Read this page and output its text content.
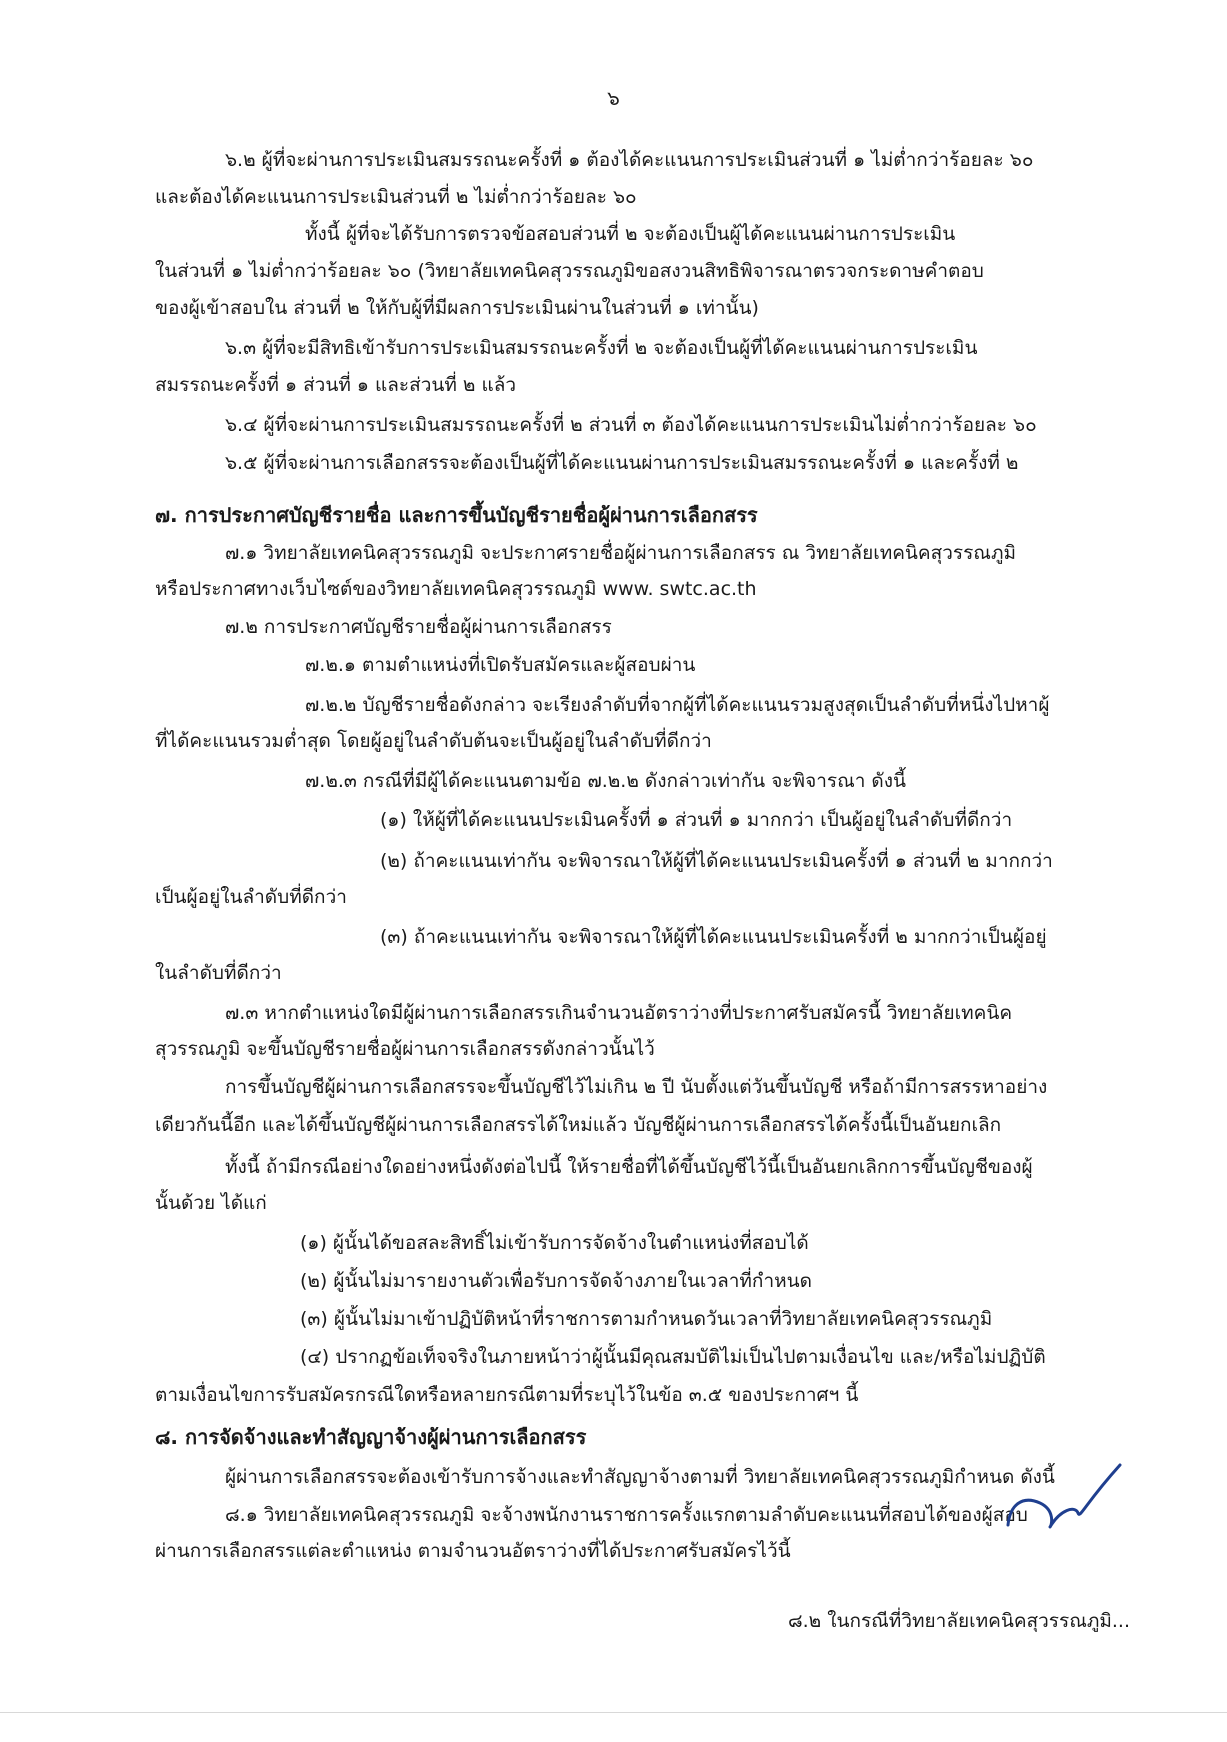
๖
๖.๒ ผู้ที่จะผ่านการประเมินสมรรถนะครั้งที่ ๑ ต้องได้คะแนนการประเมินส่วนที่ ๑ ไม่ต่ำกว่าร้อยละ ๖๐
และต้องได้คะแนนการประเมินส่วนที่ ๒ ไม่ต่ำกว่าร้อยละ ๖๐
ทั้งนี้ ผู้ที่จะได้รับการตรวจข้อสอบส่วนที่ ๒ จะต้องเป็นผู้ได้คะแนนผ่านการประเมิน
ในส่วนที่ ๑ ไม่ต่ำกว่าร้อยละ ๖๐ (วิทยาลัยเทคนิคสุวรรณภูมิขอสงวนสิทธิพิจารณาตรวจกระดาษคำตอบ
ของผู้เข้าสอบใน ส่วนที่ ๒ ให้กับผู้ที่มีผลการประเมินผ่านในส่วนที่ ๑ เท่านั้น)
๖.๓ ผู้ที่จะมีสิทธิเข้ารับการประเมินสมรรถนะครั้งที่ ๒ จะต้องเป็นผู้ที่ได้คะแนนผ่านการประเมิน
สมรรถนะครั้งที่ ๑ ส่วนที่ ๑ และส่วนที่ ๒ แล้ว
๖.๔ ผู้ที่จะผ่านการประเมินสมรรถนะครั้งที่ ๒ ส่วนที่ ๓ ต้องได้คะแนนการประเมินไม่ต่ำกว่าร้อยละ ๖๐
๖.๕ ผู้ที่จะผ่านการเลือกสรรจะต้องเป็นผู้ที่ได้คะแนนผ่านการประเมินสมรรถนะครั้งที่ ๑ และครั้งที่ ๒
๗. การประกาศบัญชีรายชื่อ และการขึ้นบัญชีรายชื่อผู้ผ่านการเลือกสรร
๗.๑ วิทยาลัยเทคนิคสุวรรณภูมิ จะประกาศรายชื่อผู้ผ่านการเลือกสรร ณ วิทยาลัยเทคนิคสุวรรณภูมิ
หรือประกาศทางเว็บไซต์ของวิทยาลัยเทคนิคสุวรรณภูมิ www. swtc.ac.th
๗.๒ การประกาศบัญชีรายชื่อผู้ผ่านการเลือกสรร
๗.๒.๑ ตามตำแหน่งที่เปิดรับสมัครและผู้สอบผ่าน
๗.๒.๒ บัญชีรายชื่อดังกล่าว จะเรียงลำดับที่จากผู้ที่ได้คะแนนรวมสูงสุดเป็นลำดับที่หนึ่งไปหาผู้
ที่ได้คะแนนรวมต่ำสุด โดยผู้อยู่ในลำดับต้นจะเป็นผู้อยู่ในลำดับที่ดีกว่า
๗.๒.๓ กรณีที่มีผู้ได้คะแนนตามข้อ ๗.๒.๒ ดังกล่าวเท่ากัน จะพิจารณา ดังนี้
(๑) ให้ผู้ที่ได้คะแนนประเมินครั้งที่ ๑ ส่วนที่ ๑ มากกว่า เป็นผู้อยู่ในลำดับที่ดีกว่า
(๒) ถ้าคะแนนเท่ากัน จะพิจารณาให้ผู้ที่ได้คะแนนประเมินครั้งที่ ๑ ส่วนที่ ๒ มากกว่า
เป็นผู้อยู่ในลำดับที่ดีกว่า
(๓) ถ้าคะแนนเท่ากัน จะพิจารณาให้ผู้ที่ได้คะแนนประเมินครั้งที่ ๒ มากกว่าเป็นผู้อยู่
ในลำดับที่ดีกว่า
๗.๓ หากตำแหน่งใดมีผู้ผ่านการเลือกสรรเกินจำนวนอัตราว่างที่ประกาศรับสมัครนี้ วิทยาลัยเทคนิค
สุวรรณภูมิ จะขึ้นบัญชีรายชื่อผู้ผ่านการเลือกสรรดังกล่าวนั้นไว้
การขึ้นบัญชีผู้ผ่านการเลือกสรรจะขึ้นบัญชีไว้ไม่เกิน ๒ ปี นับตั้งแต่วันขึ้นบัญชี หรือถ้ามีการสรรหาอย่าง
เดียวกันนี้อีก และได้ขึ้นบัญชีผู้ผ่านการเลือกสรรได้ใหม่แล้ว บัญชีผู้ผ่านการเลือกสรรได้ครั้งนี้เป็นอันยกเลิก
ทั้งนี้ ถ้ามีกรณีอย่างใดอย่างหนึ่งดังต่อไปนี้ ให้รายชื่อที่ได้ขึ้นบัญชีไว้นี้เป็นอันยกเลิกการขึ้นบัญชีของผู้
นั้นด้วย ได้แก่
(๑) ผู้นั้นได้ขอสละสิทธิ์ไม่เข้ารับการจัดจ้างในตำแหน่งที่สอบได้
(๒) ผู้นั้นไม่มารายงานตัวเพื่อรับการจัดจ้างภายในเวลาที่กำหนด
(๓) ผู้นั้นไม่มาเข้าปฏิบัติหน้าที่ราชการตามกำหนดวันเวลาที่วิทยาลัยเทคนิคสุวรรณภูมิ
(๔) ปรากฏข้อเท็จจริงในภายหน้าว่าผู้นั้นมีคุณสมบัติไม่เป็นไปตามเงื่อนไข และ/หรือไม่ปฏิบัติ
ตามเงื่อนไขการรับสมัครกรณีใดหรือหลายกรณีตามที่ระบุไว้ในข้อ ๓.๕ ของประกาศฯ นี้
๘. การจัดจ้างและทำสัญญาจ้างผู้ผ่านการเลือกสรร
ผู้ผ่านการเลือกสรรจะต้องเข้ารับการจ้างและทำสัญญาจ้างตามที่ วิทยาลัยเทคนิคสุวรรณภูมิกำหนด ดังนี้
๘.๑ วิทยาลัยเทคนิคสุวรรณภูมิ จะจ้างพนักงานราชการครั้งแรกตามลำดับคะแนนที่สอบได้ของผู้สอบ
ผ่านการเลือกสรรแต่ละตำแหน่ง ตามจำนวนอัตราว่างที่ได้ประกาศรับสมัครไว้นี้
๘.๒ ในกรณีที่วิทยาลัยเทคนิคสุวรรณภูมิ...
